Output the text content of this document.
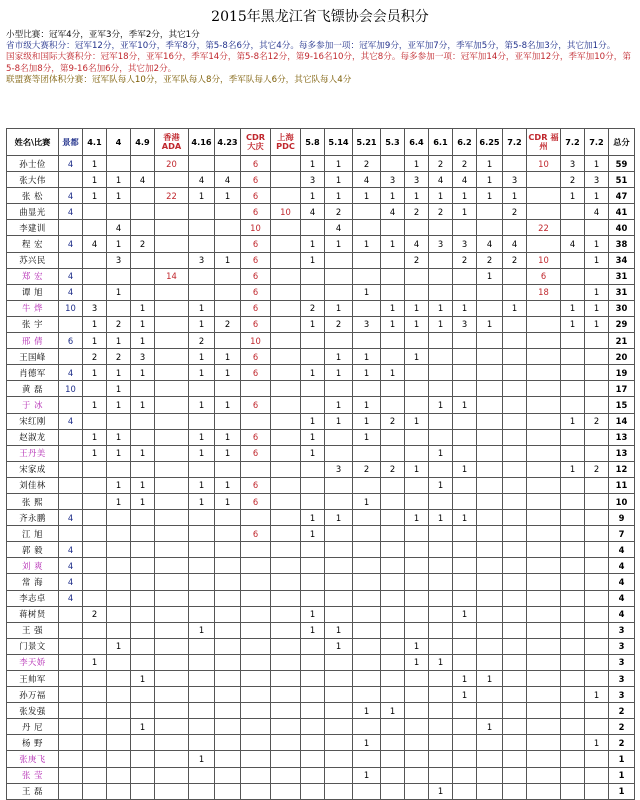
2015年黑龙江省飞镖协会会员积分
小型比赛：冠军4分，亚军3分，季军2分，其它1分
省市级大赛积分：冠军12分，亚军10分，季军8分，第5-8名6分，其它4分。每多参加一项：冠军加9分，亚军加7分，季军加5分，第5-8名加3分，其它加1分。
国家级和国际大赛积分：冠军18分，亚军16分，季军14分，第5-8名12分，第9-16名10分，其它8分。每多参加一项：冠军加14分，亚军加12分，季军加10分，第5-8名加8分，第9-16名加6分，其它加2分。
联盟赛等团体积分赛：冠军队每人10分，亚军队每人8分，季军队每人6分，其它队每人4分
姓名\比赛	景都	4.1	4	4.9	香港 ADA	4.16	4.23	CDR 大庆	上海 PDC	5.8	5.14	5.21	5.3	6.4	6.1	6.2	6.25	7.2	CDR 福州	7.2	7.2	总分
孙士俭	4	1			20			6		1	1	2		1	2	2	1		10	3	1	59
张大伟		1	1	4		4	4	6		3	1	4	3	3	4	4	1	3		2	3	51
张 松	4	1	1		22	1	1	6		1	1	1	1	1	1	1	1	1		1	1	47
曲显光	4							6	10	4	2		4	2	2	1		2			4	41
李建训			4					10			4								22			40
程 宏	4	4	1	2				6		1	1	1	1	4	3	3	4	4		4	1	38
苏兴民			3			3	1	6		1				2		2	2	2	10		1	34
郑 宏	4				14			6									1		6			31
谭 旭	4		1					6				1							18		1	31
牛 烨	10	3		1		1		6		2	1		1	1	1	1		1		1	1	30
张 宇		1	2	1		1	2	6		1	2	3	1	1	1	3	1			1	1	29
邢 倩	6	1	1	1		2		10														21
王国峰		2	2	3		1	1	6			1	1		1								20
肖德军	4	1	1	1		1	1	6		1	1	1	1									19
黄 磊	10		1																			17
于 冰		1	1	1		1	1	6			1	1			1	1						15
宋红刚	4									1	1	1	2	1						1	2	14
赵淑龙		1	1			1	1	6		1		1										13
王丹美		1	1	1		1	1	6		1					1							13
宋家成											3	2	2	1		1				1	2	12
刘佳林			1	1		1	1	6							1							11
张 熙			1	1		1	1	6				1										10
齐永鹏	4									1	1			1	1	1						9
江 旭								6		1												7
郭 毅	4																					4
刘 爽	4																					4
常 海	4																					4
李志卓	4																					4
蒋树贤		2								1						1						4
王 强						1				1	1											3
门景文			1								1			1								3
李天娇		1												1	1							3
王帅军				1												1	1					3
孙万福																1					1	3
张发强												1	1									2
丹 尼				1													1					2
杨 野												1									1	2
张庚飞						1																1
张 莹												1										1
王 磊															1							1
